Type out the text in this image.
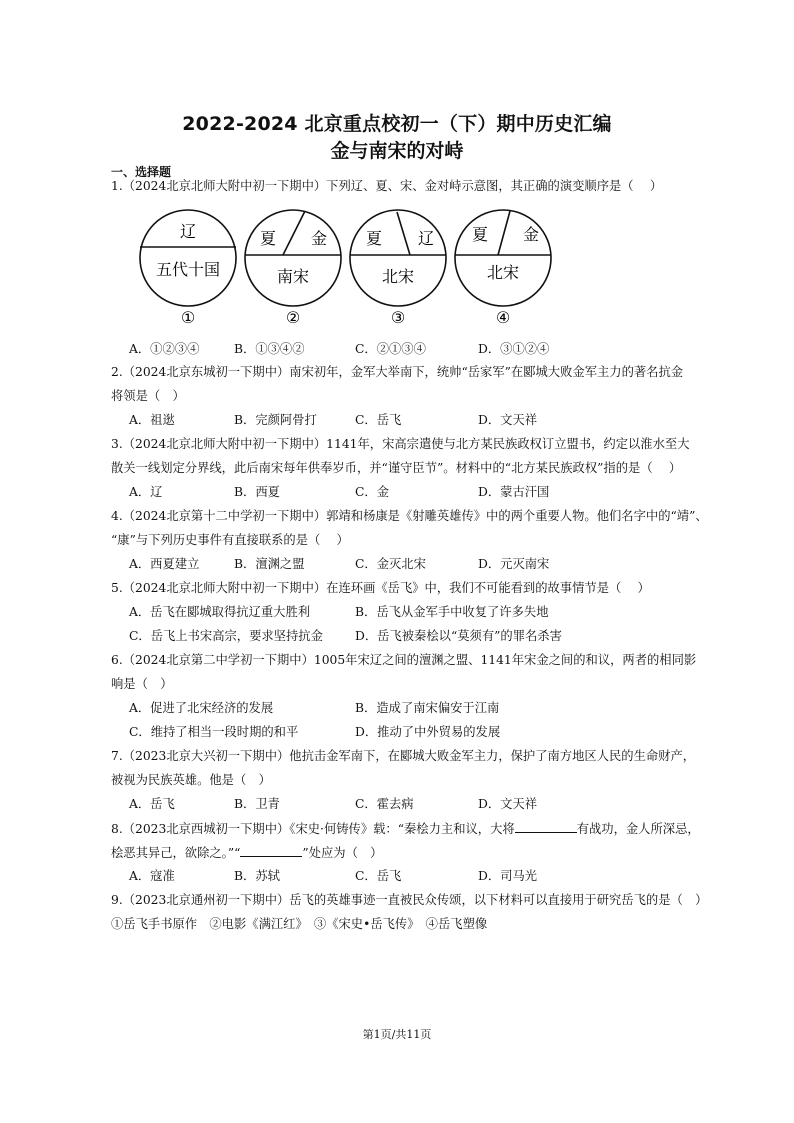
2022-2024 北京重点校初一（下）期中历史汇编
金与南宋的对峙
一、选择题
1.（2024北京北师大附中初一下期中）下列辽、夏、宋、金对峙示意图，其正确的演变顺序是（　 ）
辽
五代十国
①
夏 金
南宋
②
夏 辽
北宋
③
夏 金
北宋
④
A．①②③④	B．①③④②	C．②①③④	D．③①②④
2.（2024北京东城初一下期中）南宋初年，金军大举南下，统帅“岳家军”在郾城大败金军主力的著名抗金
将领是（　）
A．祖逖	B．完颜阿骨打	C．岳飞	D．文天祥
3.（2024北京北师大附中初一下期中）1141年，宋高宗遣使与北方某民族政权订立盟书，约定以淮水至大
散关一线划定分界线，此后南宋每年供奉岁币，并“谨守臣节”。材料中的“北方某民族政权”指的是（　 ）
A．辽	B．西夏	C．金	D．蒙古汗国
4.（2024北京第十二中学初一下期中）郭靖和杨康是《射雕英雄传》中的两个重要人物。他们名字中的“靖”、
“康”与下列历史事件有直接联系的是（　 ）
A．西夏建立	B．澶渊之盟	C．金灭北宋	D．元灭南宋
5.（2024北京北师大附中初一下期中）在连环画《岳飞》中，我们不可能看到的故事情节是（　 ）
A．岳飞在郾城取得抗辽重大胜利	B．岳飞从金军手中收复了许多失地
C．岳飞上书宋高宗，要求坚持抗金	D．岳飞被秦桧以“莫须有”的罪名杀害
6.（2024北京第二中学初一下期中）1005年宋辽之间的澶渊之盟、1141年宋金之间的和议，两者的相同影
响是（　）
A．促进了北宋经济的发展	B．造成了南宋偏安于江南
C．维持了相当一段时期的和平	D．推动了中外贸易的发展
7.（2023北京大兴初一下期中）他抗击金军南下，在郾城大败金军主力，保护了南方地区人民的生命财产，
被视为民族英雄。他是（　）
A．岳飞	B．卫青	C．霍去病	D．文天祥
8.（2023北京西城初一下期中）《宋史·何铸传》载：“秦桧力主和议，大将	有战功，金人所深忌，
桧恶其异己，欲除之。”“	”处应为（　）
A．寇准	B．苏轼	C．岳飞	D．司马光
9.（2023北京通州初一下期中）岳飞的英雄事迹一直被民众传颂，以下材料可以直接用于研究岳飞的是（　）
①岳飞手书原作　②电影《满江红》　③《宋史•岳飞传》　④岳飞塑像
第1页/共11页
